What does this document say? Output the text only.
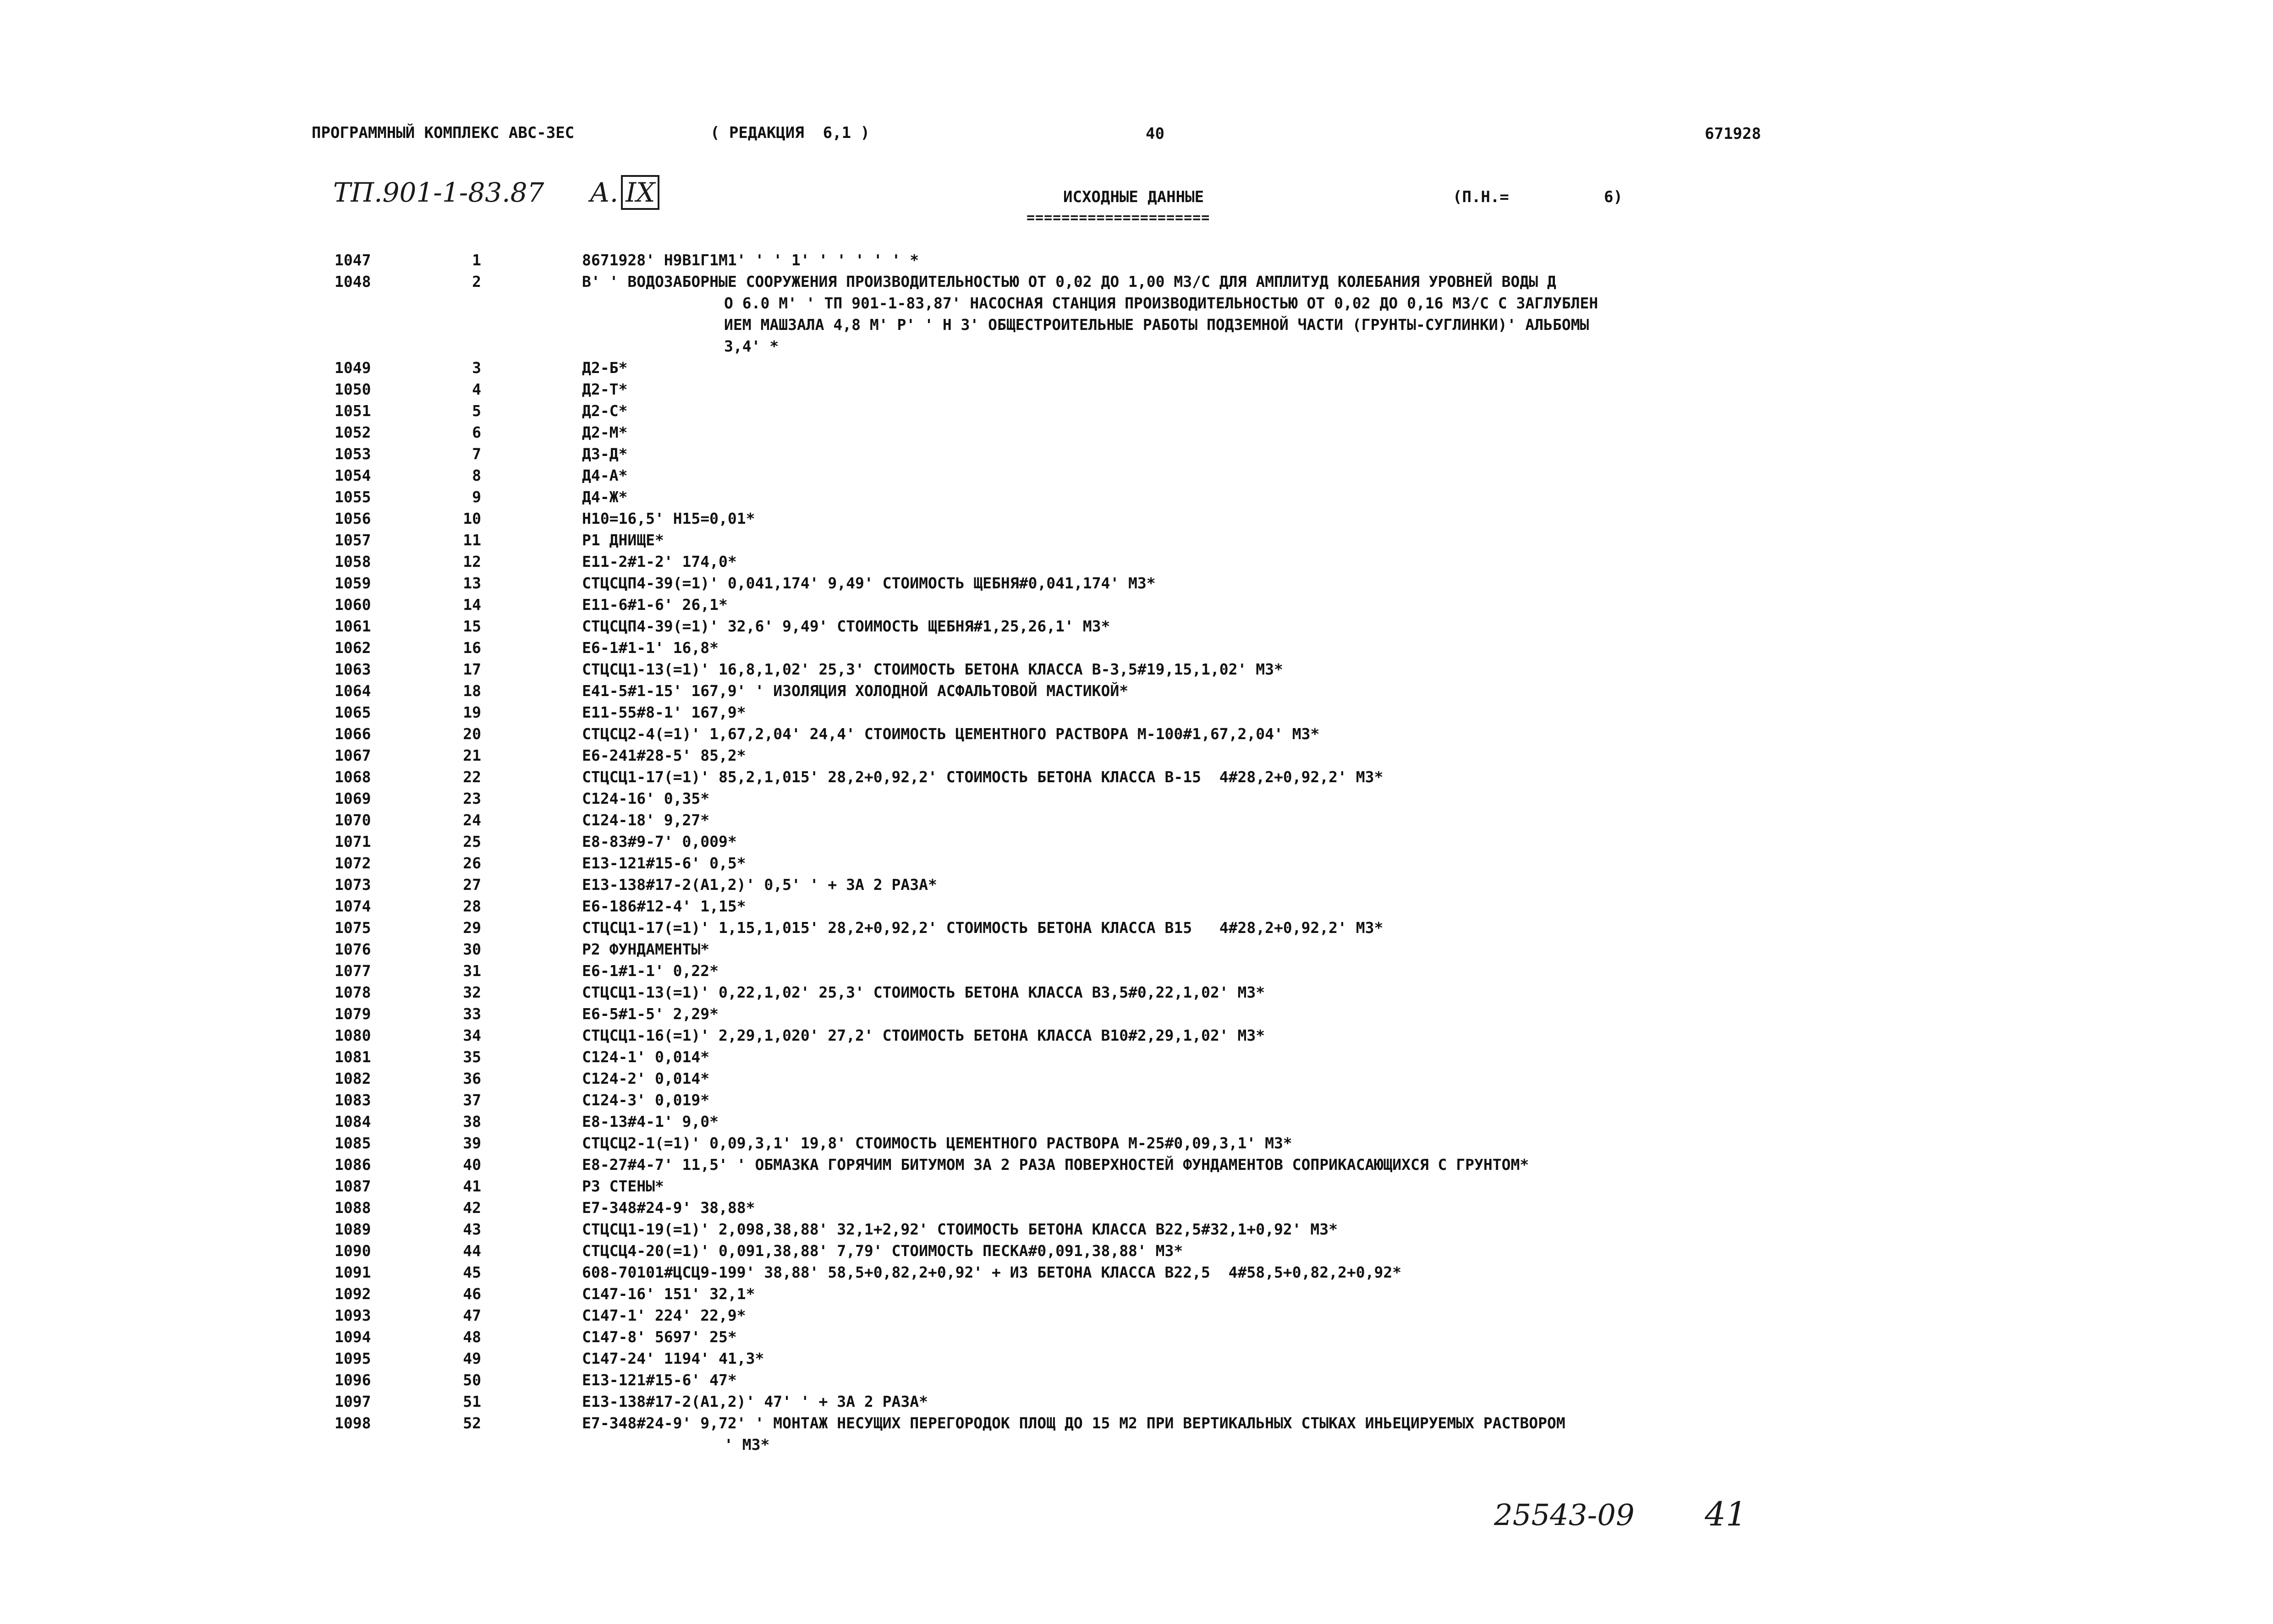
ПРОГРАММНЫЙ КОМПЛЕКС АВС-ЗЕС	( РЕДАКЦИЯ  6,1 )	40	671928

ТП.901-1-83.87	А. IX	ИСХОДНЫЕ ДАННЫЕ
=====================
(П.Н.=	6)
1047	1	8671928' Н9В1Г1М1' ' ' 1' ' ' ' ' ' *
1048	2	В' ' ВОДОЗАБОРНЫЕ СООРУЖЕНИЯ ПРОИЗВОДИТЕЛЬНОСТЬЮ ОТ 0,02 ДО 1,00 МЗ/С ДЛЯ АМПЛИТУД КОЛЕБАНИЯ УРОВНЕЙ ВОДЫ Д
О 6.0 М' ' ТП 901-1-83,87' НАСОСНАЯ СТАНЦИЯ ПРОИЗВОДИТЕЛЬНОСТЬЮ ОТ 0,02 ДО 0,16 МЗ/С С ЗАГЛУБЛЕН
ИЕМ МАШЗАЛА 4,8 М' Р' ' Н 3' ОБЩЕСТРОИТЕЛЬНЫЕ РАБОТЫ ПОДЗЕМНОЙ ЧАСТИ (ГРУНТЫ-СУГЛИНКИ)' АЛЬБОМЫ
3,4' *
1049	3	Д2-Б*
1050	4	Д2-Т*
1051	5	Д2-С*
1052	6	Д2-М*
1053	7	Д3-Д*
1054	8	Д4-А*
1055	9	Д4-Ж*
1056	10	Н10=16,5' Н15=0,01*
1057	11	Р1 ДНИЩЕ*
1058	12	Е11-2#1-2' 174,0*
1059	13	СТЦСЦП4-39(=1)' 0,041,174' 9,49' СТОИМОСТЬ ЩЕБНЯ#0,041,174' МЗ*
1060	14	Е11-6#1-6' 26,1*
1061	15	СТЦСЦП4-39(=1)' 32,6' 9,49' СТОИМОСТЬ ЩЕБНЯ#1,25,26,1' МЗ*
1062	16	Е6-1#1-1' 16,8*
1063	17	СТЦСЦ1-13(=1)' 16,8,1,02' 25,3' СТОИМОСТЬ БЕТОНА КЛАССА В-3,5#19,15,1,02' МЗ*
1064	18	Е41-5#1-15' 167,9' ' ИЗОЛЯЦИЯ ХОЛОДНОЙ АСФАЛЬТОВОЙ МАСТИКОЙ*
1065	19	Е11-55#8-1' 167,9*
1066	20	СТЦСЦ2-4(=1)' 1,67,2,04' 24,4' СТОИМОСТЬ ЦЕМЕНТНОГО РАСТВОРА М-100#1,67,2,04' МЗ*
1067	21	Е6-241#28-5' 85,2*
1068	22	СТЦСЦ1-17(=1)' 85,2,1,015' 28,2+0,92,2' СТОИМОСТЬ БЕТОНА КЛАССА В-15  4#28,2+0,92,2' МЗ*
1069	23	С124-16' 0,35*
1070	24	С124-18' 9,27*
1071	25	Е8-83#9-7' 0,009*
1072	26	Е13-121#15-6' 0,5*
1073	27	Е13-138#17-2(А1,2)' 0,5' ' + ЗА 2 РАЗА*
1074	28	Е6-186#12-4' 1,15*
1075	29	СТЦСЦ1-17(=1)' 1,15,1,015' 28,2+0,92,2' СТОИМОСТЬ БЕТОНА КЛАССА В15   4#28,2+0,92,2' МЗ*
1076	30	Р2 ФУНДАМЕНТЫ*
1077	31	Е6-1#1-1' 0,22*
1078	32	СТЦСЦ1-13(=1)' 0,22,1,02' 25,3' СТОИМОСТЬ БЕТОНА КЛАССА В3,5#0,22,1,02' МЗ*
1079	33	Е6-5#1-5' 2,29*
1080	34	СТЦСЦ1-16(=1)' 2,29,1,020' 27,2' СТОИМОСТЬ БЕТОНА КЛАССА В10#2,29,1,02' МЗ*
1081	35	С124-1' 0,014*
1082	36	С124-2' 0,014*
1083	37	С124-3' 0,019*
1084	38	Е8-13#4-1' 9,0*
1085	39	СТЦСЦ2-1(=1)' 0,09,3,1' 19,8' СТОИМОСТЬ ЦЕМЕНТНОГО РАСТВОРА М-25#0,09,3,1' МЗ*
1086	40	Е8-27#4-7' 11,5' ' ОБМАЗКА ГОРЯЧИМ БИТУМОМ ЗА 2 РАЗА ПОВЕРХНОСТЕЙ ФУНДАМЕНТОВ СОПРИКАСАЮЩИХСЯ С ГРУНТОМ*
1087	41	Р3 СТЕНЫ*
1088	42	Е7-348#24-9' 38,88*
1089	43	СТЦСЦ1-19(=1)' 2,098,38,88' 32,1+2,92' СТОИМОСТЬ БЕТОНА КЛАССА В22,5#32,1+0,92' МЗ*
1090	44	СТЦСЦ4-20(=1)' 0,091,38,88' 7,79' СТОИМОСТЬ ПЕСКА#0,091,38,88' МЗ*
1091	45	608-70101#ЦСЦ9-199' 38,88' 58,5+0,82,2+0,92' + ИЗ БЕТОНА КЛАССА В22,5  4#58,5+0,82,2+0,92*
1092	46	С147-16' 151' 32,1*
1093	47	С147-1' 224' 22,9*
1094	48	С147-8' 5697' 25*
1095	49	С147-24' 1194' 41,3*
1096	50	Е13-121#15-6' 47*
1097	51	Е13-138#17-2(А1,2)' 47' ' + ЗА 2 РАЗА*
1098	52	Е7-348#24-9' 9,72' ' МОНТАЖ НЕСУЩИХ ПЕРЕГОРОДОК ПЛОЩ ДО 15 М2 ПРИ ВЕРТИКАЛЬНЫХ СТЫКАХ ИНЬЕЦИРУЕМЫХ РАСТВОРОМ
' МЗ*
25543-09 41
